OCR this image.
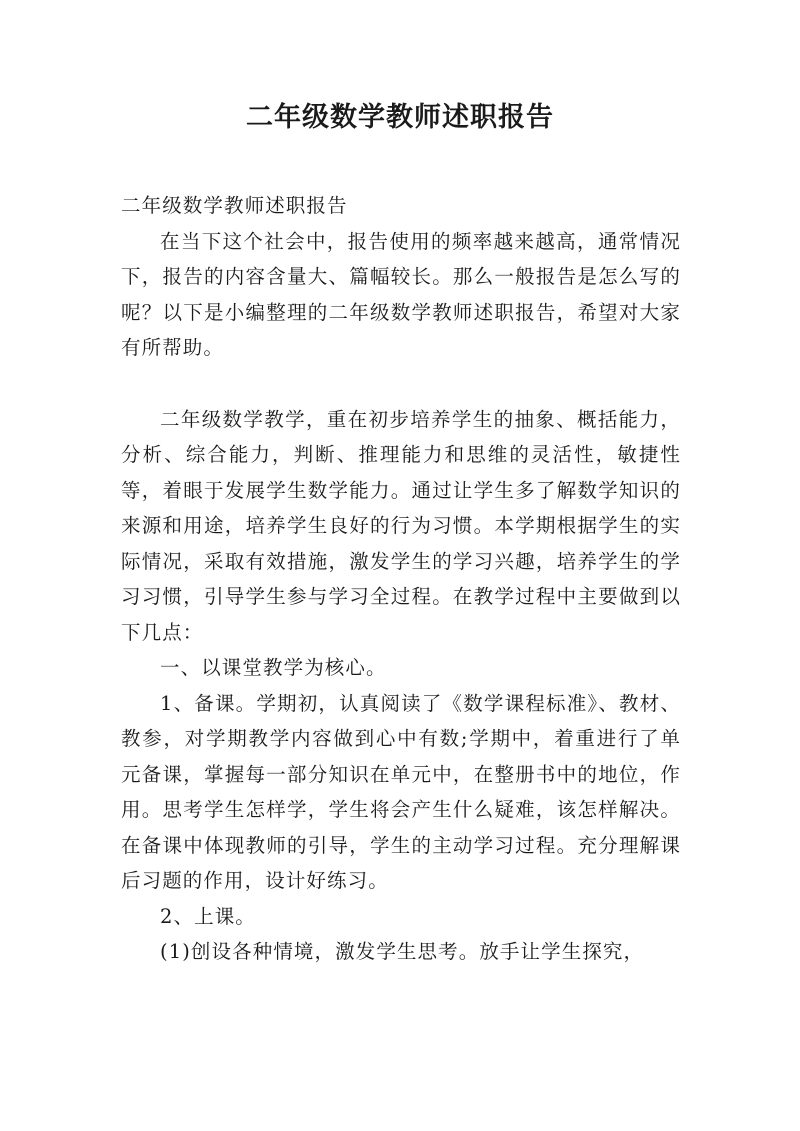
二年级数学教师述职报告

二年级数学教师述职报告

在当下这个社会中，报告使用的频率越来越高，通常情况下，报告的内容含量大、篇幅较长。那么一般报告是怎么写的呢？以下是小编整理的二年级数学教师述职报告，希望对大家有所帮助。

二年级数学教学，重在初步培养学生的抽象、概括能力，分析、综合能力，判断、推理能力和思维的灵活性，敏捷性等，着眼于发展学生数学能力。通过让学生多了解数学知识的来源和用途，培养学生良好的行为习惯。本学期根据学生的实际情况，采取有效措施，激发学生的学习兴趣，培养学生的学习习惯，引导学生参与学习全过程。在教学过程中主要做到以下几点：

一、以课堂教学为核心。

1、备课。学期初，认真阅读了《数学课程标准》、教材、教参，对学期教学内容做到心中有数;学期中，着重进行了单元备课，掌握每一部分知识在单元中，在整册书中的地位，作用。思考学生怎样学，学生将会产生什么疑难，该怎样解决。在备课中体现教师的引导，学生的主动学习过程。充分理解课后习题的作用，设计好练习。

2、上课。

(1)创设各种情境，激发学生思考。放手让学生探究，
